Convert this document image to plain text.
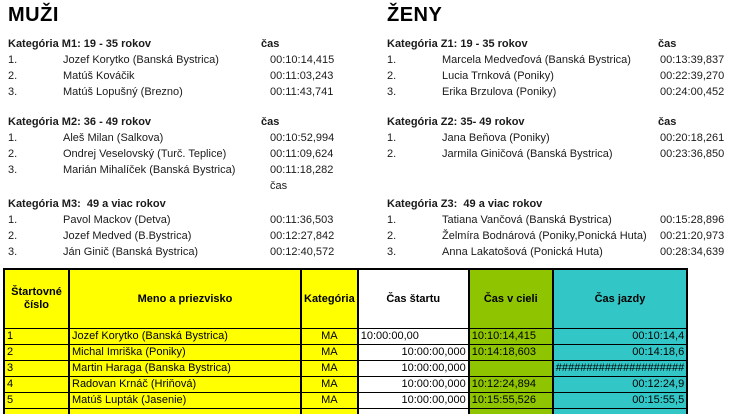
MUŽI
Kategória M1: 19 - 35 rokov	čas
1.	Jozef Korytko (Banská Bystrica)	00:10:14,415
2.	Matúš Kováčik	00:11:03,243
3.	Matúš Lopušný (Brezno)	00:11:43,741
Kategória M2: 36 - 49 rokov	čas
1.	Aleš Milan (Salkova)	00:10:52,994
2.	Ondrej Veselovský (Turč. Teplice)	00:11:09,624
3.	Marián Mihalíček (Banská Bystrica)	00:11:18,282
čas
Kategória M3:  49 a viac rokov
1.	Pavol Mackov (Detva)	00:11:36,503
2.	Jozef Medved (B.Bystrica)	00:12:27,842
3.	Ján Ginič (Banská Bystrica)	00:12:40,572
ŽENY
Kategória Z1: 19 - 35 rokov	čas
1.	Marcela Medveďová (Banská Bystrica)	00:13:39,837
2.	Lucia Trnková (Poniky)	00:22:39,270
3.	Erika Brzulova (Poniky)	00:24:00,452
Kategória Z2: 35- 49 rokov	čas
1.	Jana Beňova (Poniky)	00:20:18,261
2.	Jarmila Giničová (Banská Bystrica)	00:23:36,850
Kategória Z3:  49 a viac rokov
1.	Tatiana Vančová (Banská Bystrica)	00:15:28,896
2.	Želmíra Bodnárová (Poniky,Ponická Huta) 00:21:20,973
3.	Anna Lakatošová (Ponická Huta)	00:28:34,639
Štartovné číslo	Meno a priezvisko	Kategória	Čas štartu	Čas v cieli	Čas jazdy
1	Jozef Korytko (Banská Bystrica)	MA	10:00:00,00	10:10:14,415	00:10:14,4
2	Michal Imriška (Poniky)	MA	10:00:00,000	10:14:18,603	00:14:18,6
3	Martin Haraga (Banska Bystrica)	MA	10:00:00,000		#####################
4	Radovan Krnáč (Hriňová)	MA	10:00:00,000	10:12:24,894	00:12:24,9
5	Matúš Lupták (Jasenie)	MA	10:00:00,000	10:15:55,526	00:15:55,5
